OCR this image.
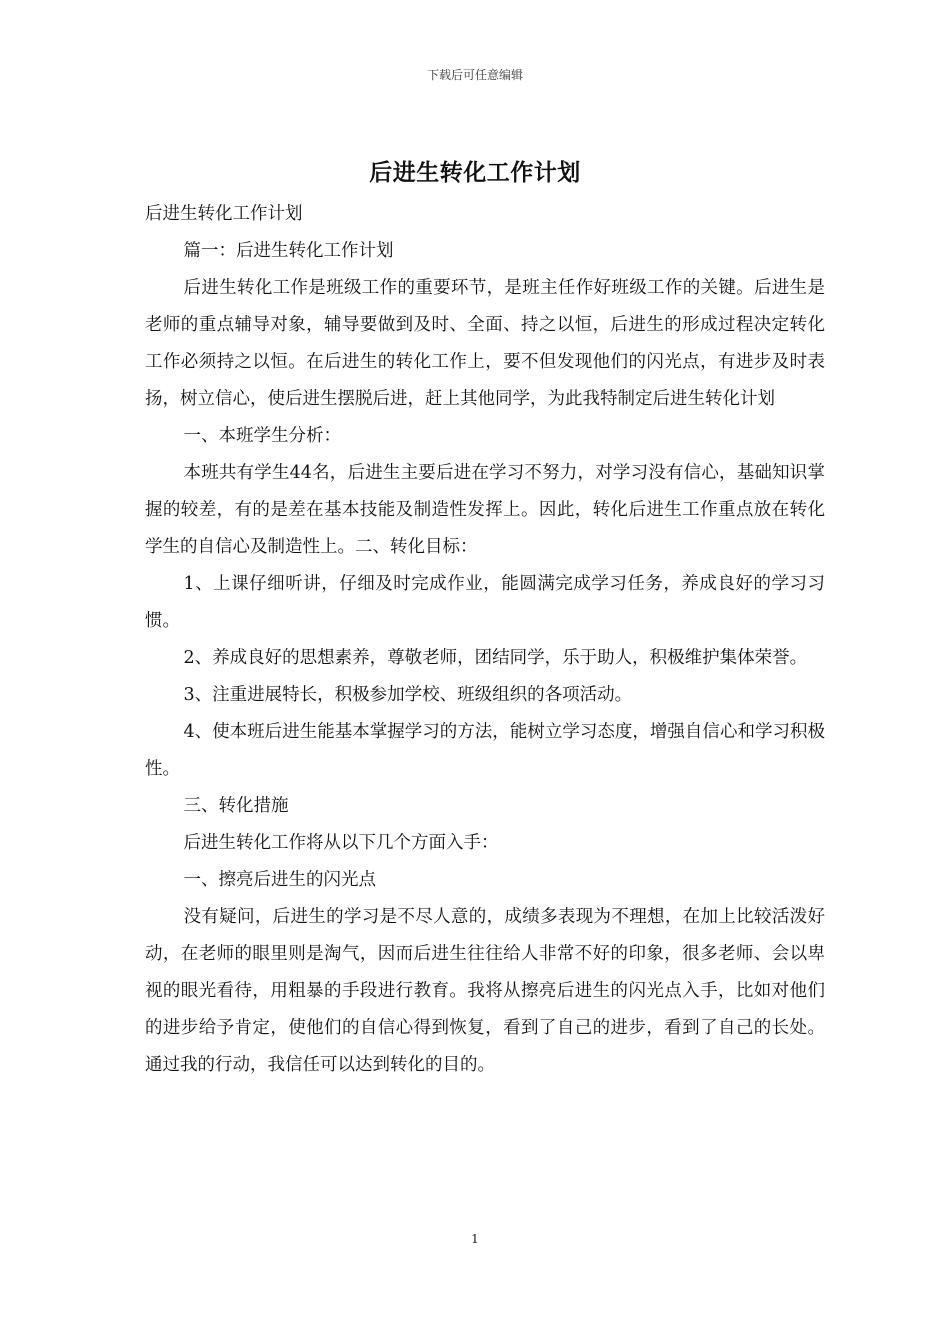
下载后可任意编辑
后进生转化工作计划

后进生转化工作计划

篇一：后进生转化工作计划

后进生转化工作是班级工作的重要环节，是班主任作好班级工作的关键。后进生是老师的重点辅导对象，辅导要做到及时、全面、持之以恒，后进生的形成过程决定转化工作必须持之以恒。在后进生的转化工作上，要不但发现他们的闪光点，有进步及时表扬，树立信心，使后进生摆脱后进，赶上其他同学，为此我特制定后进生转化计划

一、本班学生分析：

本班共有学生44名，后进生主要后进在学习不努力，对学习没有信心，基础知识掌握的较差，有的是差在基本技能及制造性发挥上。因此，转化后进生工作重点放在转化学生的自信心及制造性上。二、转化目标：

1、上课仔细听讲，仔细及时完成作业，能圆满完成学习任务，养成良好的学习习惯。

2、养成良好的思想素养，尊敬老师，团结同学，乐于助人，积极维护集体荣誉。

3、注重进展特长，积极参加学校、班级组织的各项活动。

4、使本班后进生能基本掌握学习的方法，能树立学习态度，增强自信心和学习积极性。

三、转化措施

后进生转化工作将从以下几个方面入手：

一、擦亮后进生的闪光点

没有疑问，后进生的学习是不尽人意的，成绩多表现为不理想，在加上比较活泼好动，在老师的眼里则是淘气，因而后进生往往给人非常不好的印象，很多老师、会以卑视的眼光看待，用粗暴的手段进行教育。我将从擦亮后进生的闪光点入手，比如对他们的进步给予肯定，使他们的自信心得到恢复，看到了自己的进步，看到了自己的长处。通过我的行动，我信任可以达到转化的目的。

1
